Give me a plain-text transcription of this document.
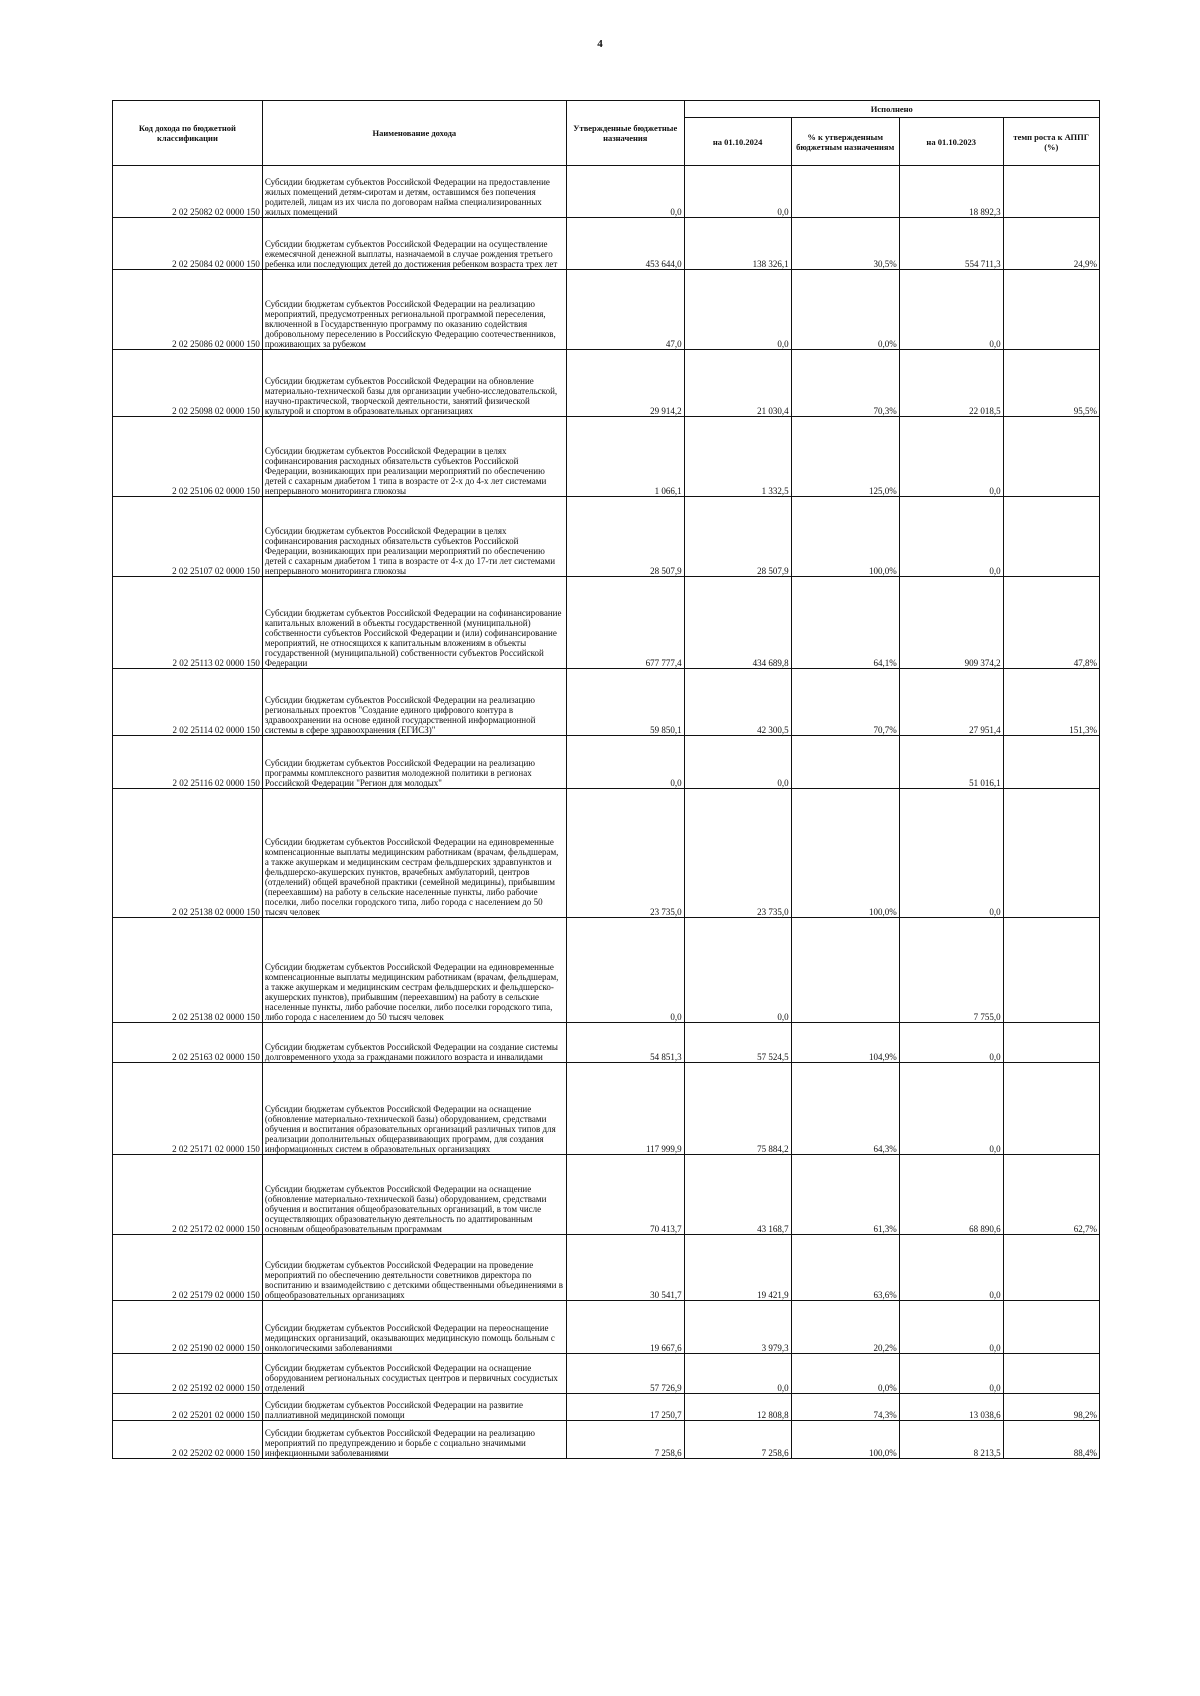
4
Код дохода по бюджетной классификации	Наименование дохода	Утвержденные бюджетные назначения	Исполнено			
			на 01.10.2024	% к утвержденным бюджетным назначениям	на 01.10.2023	темп роста к АППГ (%)
2 02 25082 02 0000 150	Субсидии бюджетам субъектов Российской Федерации на предоставление жилых помещений детям-сиротам и детям, оставшимся без попечения родителей, лицам из их числа по договорам найма специализированных жилых помещений	0,0	0,0		18 892,3	
2 02 25084 02 0000 150	Субсидии бюджетам субъектов Российской Федерации на осуществление ежемесячной денежной выплаты, назначаемой в случае рождения третьего ребенка или последующих детей до достижения ребенком возраста трех лет	453 644,0	138 326,1	30,5%	554 711,3	24,9%
2 02 25086 02 0000 150	Субсидии бюджетам субъектов Российской Федерации на реализацию мероприятий, предусмотренных региональной программой переселения, включенной в Государственную программу по оказанию содействия добровольному переселению в Российскую Федерацию соотечественников, проживающих за рубежом	47,0	0,0	0,0%	0,0	
2 02 25098 02 0000 150	Субсидии бюджетам субъектов Российской Федерации на обновление материально-технической базы для организации учебно-исследовательской, научно-практической, творческой деятельности, занятий физической культурой и спортом в образовательных организациях	29 914,2	21 030,4	70,3%	22 018,5	95,5%
2 02 25106 02 0000 150	Субсидии бюджетам субъектов Российской Федерации в целях софинансирования расходных обязательств субъектов Российской Федерации, возникающих при реализации мероприятий по обеспечению детей с сахарным диабетом 1 типа в возрасте от 2-х до 4-х лет системами непрерывного мониторинга глюкозы	1 066,1	1 332,5	125,0%	0,0	
2 02 25107 02 0000 150	Субсидии бюджетам субъектов Российской Федерации в целях софинансирования расходных обязательств субъектов Российской Федерации, возникающих при реализации мероприятий по обеспечению детей с сахарным диабетом 1 типа в возрасте от 4-х до 17-ти лет системами непрерывного мониторинга глюкозы	28 507,9	28 507,9	100,0%	0,0	
2 02 25113 02 0000 150	Субсидии бюджетам субъектов Российской Федерации на софинансирование капитальных вложений в объекты государственной (муниципальной) собственности субъектов Российской Федерации и (или) софинансирование мероприятий, не относящихся к капитальным вложениям в объекты государственной (муниципальной) собственности субъектов Российской Федерации	677 777,4	434 689,8	64,1%	909 374,2	47,8%
2 02 25114 02 0000 150	Субсидии бюджетам субъектов Российской Федерации на реализацию региональных проектов "Создание единого цифрового контура в здравоохранении на основе единой государственной информационной системы в сфере здравоохранения (ЕГИСЗ)"	59 850,1	42 300,5	70,7%	27 951,4	151,3%
2 02 25116 02 0000 150	Субсидии бюджетам субъектов Российской Федерации на реализацию программы комплексного развития молодежной политики в регионах Российской Федерации "Регион для молодых"	0,0	0,0		51 016,1	
2 02 25138 02 0000 150	Субсидии бюджетам субъектов Российской Федерации на единовременные компенсационные выплаты медицинским работникам (врачам, фельдшерам, а также акушеркам и медицинским сестрам фельдшерских здравпунктов и фельдшерско-акушерских пунктов, врачебных амбулаторий, центров (отделений) общей врачебной практики (семейной медицины), прибывшим (переехавшим) на работу в сельские населенные пункты, либо рабочие поселки, либо поселки городского типа, либо города с населением до 50 тысяч человек	23 735,0	23 735,0	100,0%	0,0	
2 02 25138 02 0000 150	Субсидии бюджетам субъектов Российской Федерации на единовременные компенсационные выплаты медицинским работникам (врачам, фельдшерам, а также акушеркам и медицинским сестрам фельдшерских и фельдшерско-акушерских пунктов), прибывшим (переехавшим) на работу в сельские населенные пункты, либо рабочие поселки, либо поселки городского типа, либо города с населением до 50 тысяч человек	0,0	0,0		7 755,0	
2 02 25163 02 0000 150	Субсидии бюджетам субъектов Российской Федерации на создание системы долговременного ухода за гражданами пожилого возраста и инвалидами	54 851,3	57 524,5	104,9%	0,0	
2 02 25171 02 0000 150	Субсидии бюджетам субъектов Российской Федерации на оснащение (обновление материально-технической базы) оборудованием, средствами обучения и воспитания образовательных организаций различных типов для реализации дополнительных общеразвивающих программ, для создания информационных систем в образовательных организациях	117 999,9	75 884,2	64,3%	0,0	
2 02 25172 02 0000 150	Субсидии бюджетам субъектов Российской Федерации на оснащение (обновление материально-технической базы) оборудованием, средствами обучения и воспитания общеобразовательных организаций, в том числе осуществляющих образовательную деятельность по адаптированным основным общеобразовательным программам	70 413,7	43 168,7	61,3%	68 890,6	62,7%
2 02 25179 02 0000 150	Субсидии бюджетам субъектов Российской Федерации на проведение мероприятий по обеспечению деятельности советников директора по воспитанию и взаимодействию с детскими общественными объединениями в общеобразовательных организациях	30 541,7	19 421,9	63,6%	0,0	
2 02 25190 02 0000 150	Субсидии бюджетам субъектов Российской Федерации на переоснащение медицинских организаций, оказывающих медицинскую помощь больным с онкологическими заболеваниями	19 667,6	3 979,3	20,2%	0,0	
2 02 25192 02 0000 150	Субсидии бюджетам субъектов Российской Федерации на оснащение оборудованием региональных сосудистых центров и первичных сосудистых отделений	57 726,9	0,0	0,0%	0,0	
2 02 25201 02 0000 150	Субсидии бюджетам субъектов Российской Федерации на развитие паллиативной медицинской помощи	17 250,7	12 808,8	74,3%	13 038,6	98,2%
2 02 25202 02 0000 150	Субсидии бюджетам субъектов Российской Федерации на реализацию мероприятий по предупреждению и борьбе с социально значимыми инфекционными заболеваниями	7 258,6	7 258,6	100,0%	8 213,5	88,4%
